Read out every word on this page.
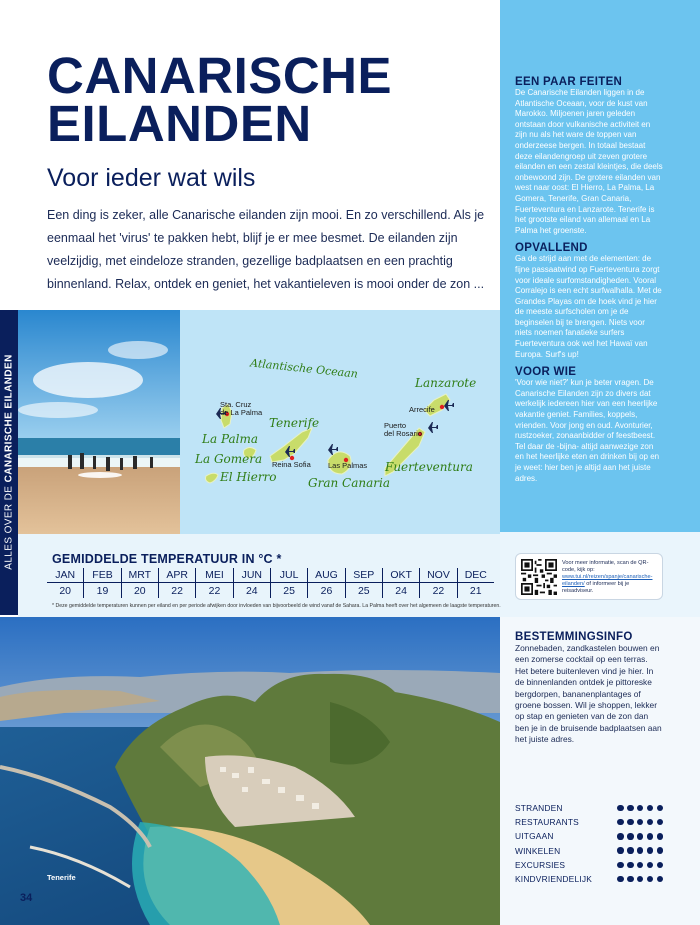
CANARISCHE
EILANDEN
Voor ieder wat wils
Een ding is zeker, alle Canarische eilanden zijn mooi. En zo verschillend. Als je eenmaal het 'virus' te pakken hebt, blijf je er mee besmet. De eilanden zijn veelzijdig, met eindeloze stranden, gezellige badplaatsen en een prachtig binnenland. Relax, ontdek en geniet, het vakantieleven is mooi onder de zon ...
EEN PAAR FEITEN
De Canarische Eilanden liggen in de Atlantische Oceaan, voor de kust van Marokko. Miljoenen jaren geleden ontstaan door vulkanische activiteit en zijn nu als het ware de toppen van onderzeese bergen. In totaal bestaat deze eilandengroep uit zeven grotere eilanden en een zestal kleintjes, die deels onbewoond zijn. De grotere eilanden van west naar oost: El Hierro, La Palma, La Gomera, Tenerife, Gran Canaria, Fuerteventura en Lanzarote. Tenerife is het grootste eiland van allemaal en La Palma het groenste.
OPVALLEND
Ga de strijd aan met de elementen: de fijne passaatwind op Fuerteventura zorgt voor ideale surfomstandigheden. Vooral Corralejo is een echt surfwalhalla. Met de Grandes Playas om de hoek vind je hier de meeste surfscholen om je de beginselen bij te brengen. Niets voor niets noemen fanatieke surfers Fuerteventura ook wel het Hawaï van Europa. Surf's up!
VOOR WIE
'Voor wie niet?' kun je beter vragen. De Canarische Eilanden zijn zo divers dat werkelijk iedereen hier van een heerlijke vakantie geniet. Families, koppels, vrienden. Voor jong en oud. Avonturier, rustzoeker, zonaanbidder of feestbeest. Tel daar de -bijna- altijd aanwezige zon en het heerlijke eten en drinken bij op en je weet: hier ben je altijd aan het juiste adres.
Voor meer informatie, scan de QR-code, kijk op: www.tui.nl/reizen/spanje/canarische-eilanden/ of informeer bij je reisadviseur.
BESTEMMINGSINFO
Zonnebaden, zandkastelen bouwen en een zomerse cocktail op een terras. Het betere buitenleven vind je hier. In de binnenlanden ontdek je pittoreske bergdorpen, bananenplantages of groene bossen. Wil je shoppen, lekker op stap en genieten van de zon dan ben je in de bruisende badplaatsen aan het juiste adres.
STRANDEN
RESTAURANTS
UITGAAN
WINKELEN
EXCURSIES
KINDVRIENDELIJK
ALLES OVER DE CANARISCHE EILANDEN	Atlantische Oceaan
Lanzarote
Tenerife
La Palma
La Gomera
El Hierro	Gran Canaria
Fuerteventura
Sta. Cruz
de La Palma
Reina Sofia Las Palmas
Puerto
del Rosario
Arrecife
GEMIDDELDE TEMPERATUUR IN °C *
JAN
20
FEB
19
MRT
20
APR
22
MEI
22
JUN
24
JUL
25
AUG
26
SEP
25
OKT
24
NOV
22
DEC
21
* Deze gemiddelde temperaturen kunnen per eiland en per periode afwijken door invloeden van bijvoorbeeld de wind vanaf de Sahara. La Palma heeft over het algemeen de laagste temperaturen.
Tenerife
34
